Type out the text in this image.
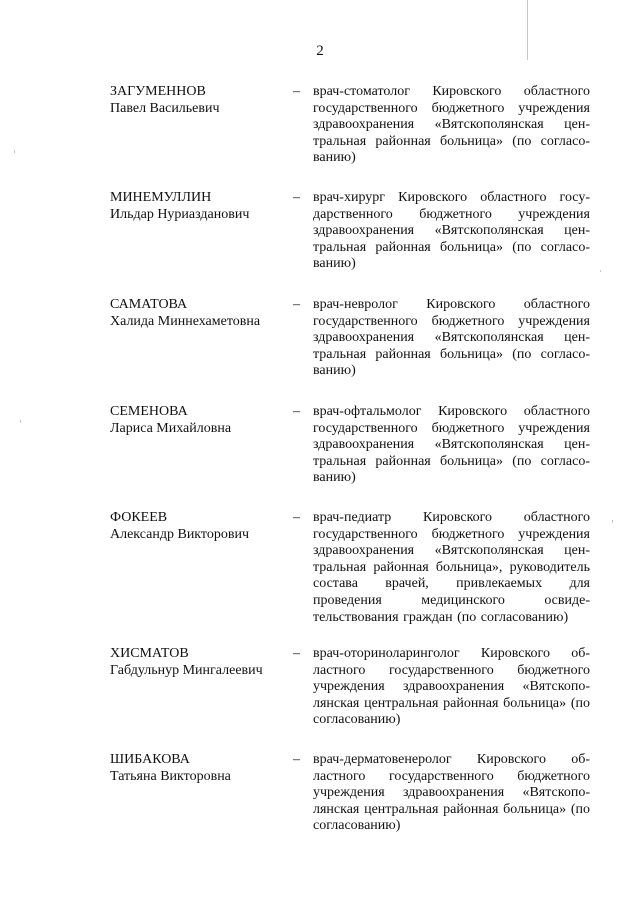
2
ЗАГУМЕННОВ
Павел Васильевич
– врач-стоматолог Кировского областного государственного бюджетного учреждения здравоохранения «Вятскополянская центральная районная больница» (по согласованию)
МИНЕМУЛЛИН
Ильдар Нуриазданович
– врач-хирург Кировского областного государственного бюджетного учреждения здравоохранения «Вятскополянская центральная районная больница» (по согласованию)
САМАТОВА
Халида Миннехаметовна
– врач-невролог Кировского областного государственного бюджетного учреждения здравоохранения «Вятскополянская центральная районная больница» (по согласованию)
СЕМЕНОВА
Лариса Михайловна
– врач-офтальмолог Кировского областного государственного бюджетного учреждения здравоохранения «Вятскополянская центральная районная больница» (по согласованию)
ФОКЕЕВ
Александр Викторович
– врач-педиатр Кировского областного государственного бюджетного учреждения здравоохранения «Вятскополянская центральная районная больница», руководитель состава врачей, привлекаемых для проведения медицинского освидетельствования граждан (по согласованию)
ХИСМАТОВ
Габдульнур Мингалеевич
– врач-оториноларинголог Кировского областного государственного бюджетного учреждения здравоохранения «Вятскополянская центральная районная больница» (по согласованию)
ШИБАКОВА
Татьяна Викторовна
– врач-дерматовенеролог Кировского областного государственного бюджетного учреждения здравоохранения «Вятскополянская центральная районная больница» (по согласованию)
